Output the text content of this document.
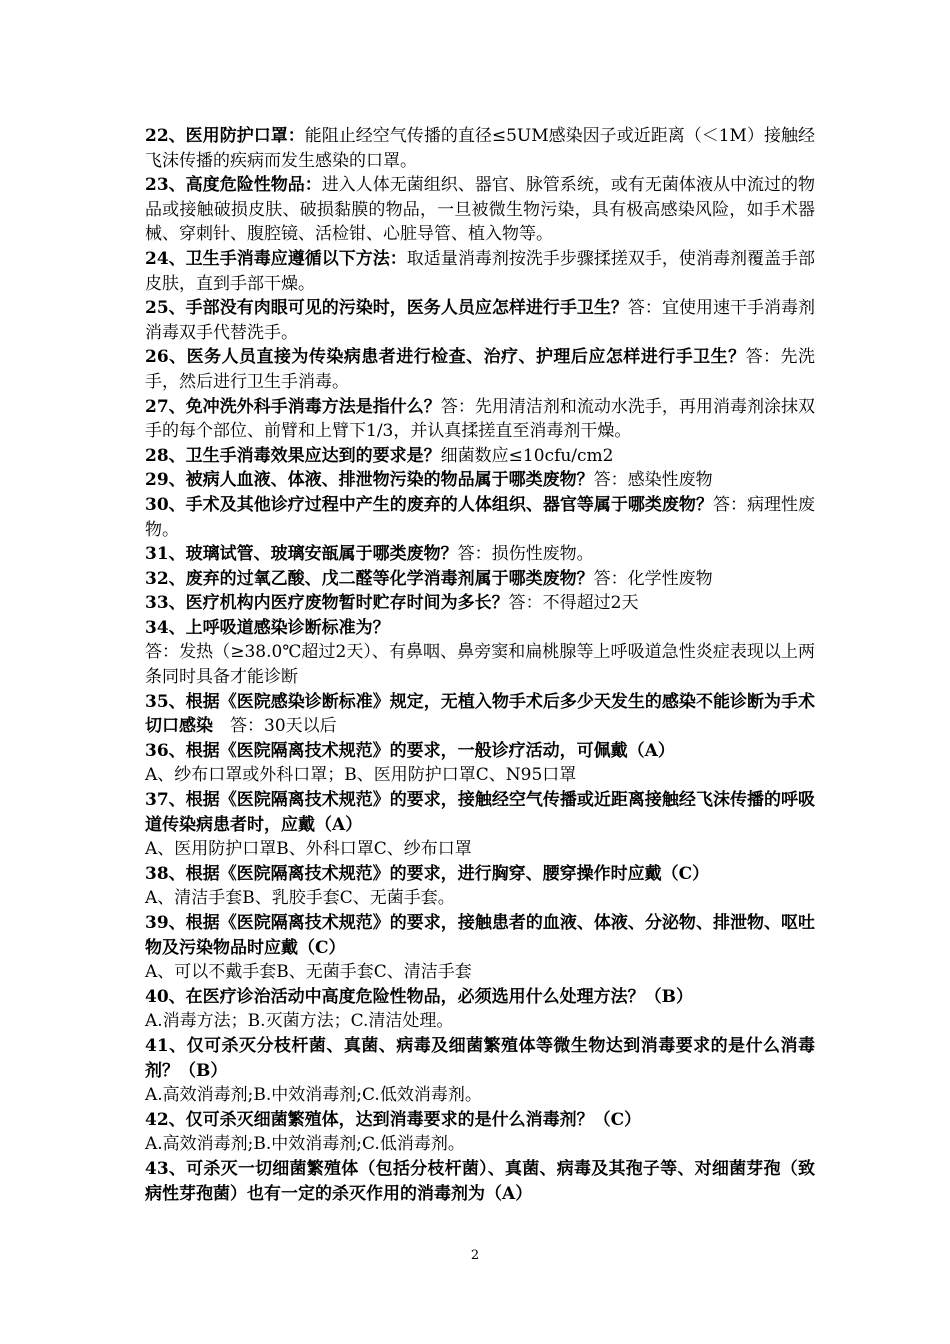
22、医用防护口罩：能阻止经空气传播的直径≤5UM感染因子或近距离（＜1M）接触经飞沫传播的疾病而发生感染的口罩。

23、高度危险性物品：进入人体无菌组织、器官、脉管系统，或有无菌体液从中流过的物品或接触破损皮肤、破损黏膜的物品，一旦被微生物污染，具有极高感染风险，如手术器械、穿刺针、腹腔镜、活检钳、心脏导管、植入物等。

24、卫生手消毒应遵循以下方法：取适量消毒剂按洗手步骤揉搓双手，使消毒剂覆盖手部皮肤，直到手部干燥。

25、手部没有肉眼可见的污染时，医务人员应怎样进行手卫生？答：宜使用速干手消毒剂消毒双手代替洗手。

26、医务人员直接为传染病患者进行检查、治疗、护理后应怎样进行手卫生？答：先洗手，然后进行卫生手消毒。

27、免冲洗外科手消毒方法是指什么？答：先用清洁剂和流动水洗手，再用消毒剂涂抹双手的每个部位、前臂和上臂下1/3，并认真揉搓直至消毒剂干燥。

28、卫生手消毒效果应达到的要求是？细菌数应≤10cfu/cm2

29、被病人血液、体液、排泄物污染的物品属于哪类废物？答：感染性废物

30、手术及其他诊疗过程中产生的废弃的人体组织、器官等属于哪类废物？答：病理性废物。

31、玻璃试管、玻璃安瓿属于哪类废物？答：损伤性废物。

32、废弃的过氧乙酸、戊二醛等化学消毒剂属于哪类废物？答：化学性废物

33、医疗机构内医疗废物暂时贮存时间为多长？答：不得超过2天

34、上呼吸道感染诊断标准为？

答：发热（≥38.0℃超过2天）、有鼻咽、鼻旁窦和扁桃腺等上呼吸道急性炎症表现以上两条同时具备才能诊断

35、根据《医院感染诊断标准》规定，无植入物手术后多少天发生的感染不能诊断为手术切口感染　答：30天以后

36、根据《医院隔离技术规范》的要求，一般诊疗活动，可佩戴（A）

A、纱布口罩或外科口罩；B、医用防护口罩C、N95口罩

37、根据《医院隔离技术规范》的要求，接触经空气传播或近距离接触经飞沫传播的呼吸道传染病患者时，应戴（A）

A、医用防护口罩B、外科口罩C、纱布口罩

38、根据《医院隔离技术规范》的要求，进行胸穿、腰穿操作时应戴（C）

A、清洁手套B、乳胶手套C、无菌手套。

39、根据《医院隔离技术规范》的要求，接触患者的血液、体液、分泌物、排泄物、呕吐物及污染物品时应戴（C）

A、可以不戴手套B、无菌手套C、清洁手套

40、在医疗诊治活动中高度危险性物品，必须选用什么处理方法？（B）

A.消毒方法；B.灭菌方法；C.清洁处理。

41、仅可杀灭分枝杆菌、真菌、病毒及细菌繁殖体等微生物达到消毒要求的是什么消毒剂？（B）

A.高效消毒剂;B.中效消毒剂;C.低效消毒剂。

42、仅可杀灭细菌繁殖体，达到消毒要求的是什么消毒剂？（C）

A.高效消毒剂;B.中效消毒剂;C.低消毒剂。

43、可杀灭一切细菌繁殖体（包括分枝杆菌）、真菌、病毒及其孢子等、对细菌芽孢（致病性芽孢菌）也有一定的杀灭作用的消毒剂为（A）

2
